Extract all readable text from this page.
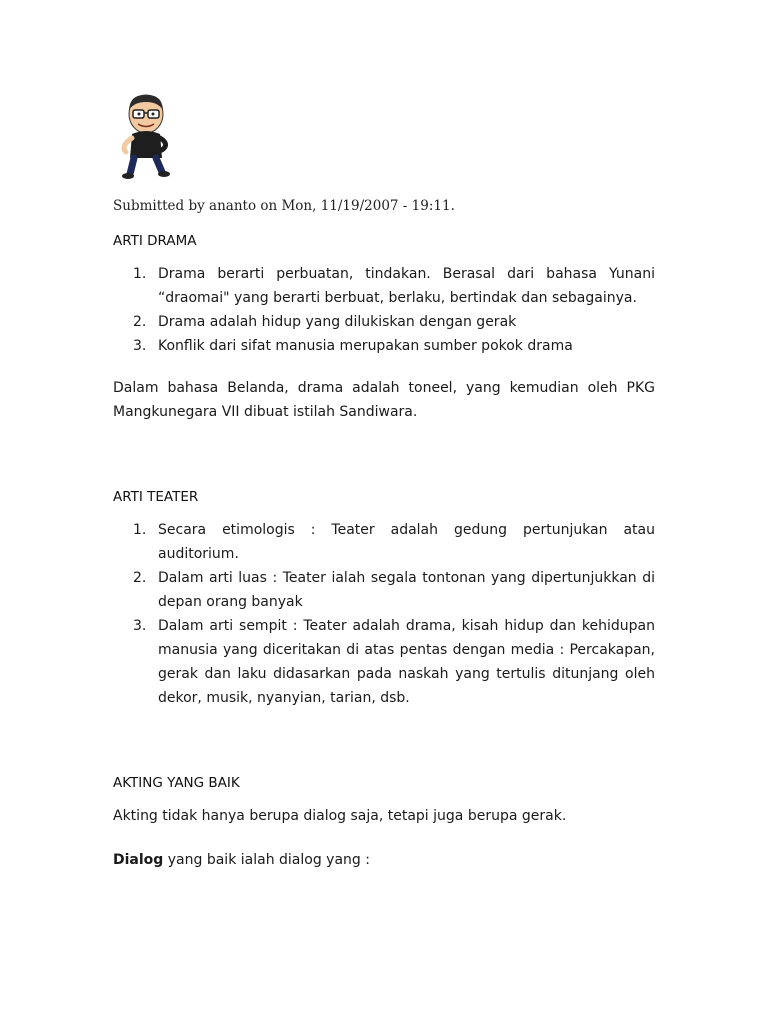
Submitted by ananto on Mon, 11/19/2007 - 19:11.
ARTI DRAMA
1. Drama berarti perbuatan, tindakan. Berasal dari bahasa Yunani “draomai" yang berarti berbuat, berlaku, bertindak dan sebagainya.
2. Drama adalah hidup yang dilukiskan dengan gerak
3. Konflik dari sifat manusia merupakan sumber pokok drama

Dalam bahasa Belanda, drama adalah toneel, yang kemudian oleh PKG Mangkunegara VII dibuat istilah Sandiwara.

ARTI TEATER
1. Secara etimologis : Teater adalah gedung pertunjukan atau auditorium.
2. Dalam arti luas : Teater ialah segala tontonan yang dipertunjukkan di depan orang banyak
3. Dalam arti sempit : Teater adalah drama, kisah hidup dan kehidupan manusia yang diceritakan di atas pentas dengan media : Percakapan, gerak dan laku didasarkan pada naskah yang tertulis ditunjang oleh dekor, musik, nyanyian, tarian, dsb.
AKTING YANG BAIK

Akting tidak hanya berupa dialog saja, tetapi juga berupa gerak.

Dialog yang baik ialah dialog yang :
